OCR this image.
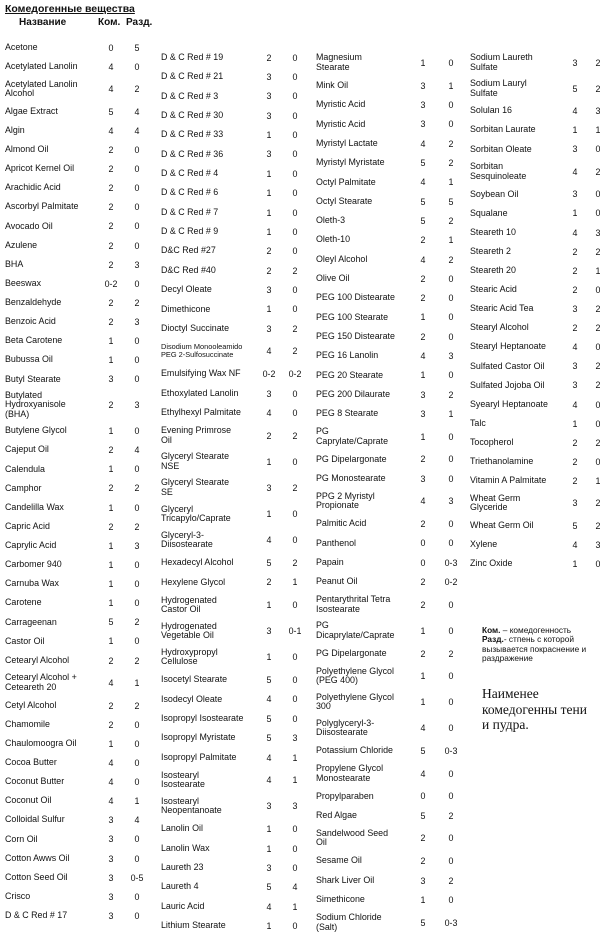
Комедогенные вещества
Название	Ком. Разд.
Acetone	0	5
Acetylated Lanolin	4	0
Acetylated Lanolin
Alcohol	4	2
Algae Extract	5	4
Algin	4	4
Almond Oil	2	0
Apricot Kernel Oil	2	0
Arachidic Acid	2	0
Ascorbyl Palmitate	2	0
Avocado Oil	2	0
Azulene	2	0
BHA	2	3
Beeswax	0-2	0
Benzaldehyde	2	2
Benzoic Acid	2	3
Beta Carotene	1	0
Bubussa Oil	1	0
Butyl Stearate	3	0
Butylated
Hydroxyanisole
(BHA)
2	3
Butylene Glycol	1	0
Cajeput Oil	2	4
Calendula	1	0
Camphor	2	2
Candelilla Wax	1	0
Capric Acid	2	2
Caprylic Acid	1	3
Carbomer 940	1	0
Carnuba Wax	1	0
Carotene	1	0
Carrageenan	5	2
Castor Oil	1	0
Cetearyl Alcohol	2	2
Cetearyl Alcohol +
Ceteareth 20	4	1
Cetyl Alcohol	2	2
Chamomile	2	0
Chaulomoogra Oil	1	0
Cocoa Butter	4	0
Coconut Butter	4	0
Coconut Oil	4	1
Colloidal Sulfur	3	4
Corn Oil	3	0
Cotton Awws Oil	3	0
Cotton Seed Oil	3	0-5
Crisco	3	0
D & C Red # 17	3	0
D & C Red # 19	2	0
D & C Red # 21	3	0
D & C Red # 3	3	0
D & C Red # 30	3	0
D & C Red # 33	1	0
D & C Red # 36	3	0
D & C Red # 4	1	0
D & C Red # 6	1	0
D & C Red # 7	1	0
D & C Red # 9	1	0
D&C Red #27	2	0
D&C Red #40	2	2
Decyl Oleate	3	0
Dimethicone	1	0
Dioctyl Succinate	3	2
Disodium Monooleamido
PEG 2-Sulfosuccinate	4	2
Emulsifying Wax NF	0-2	0-2
Ethoxylated Lanolin	3	0
Ethylhexyl Palmitate	4	0
Evening Primrose
Oil	2	2
Glyceryl Stearate
NSE	1	0
Glyceryl Stearate
SE	3	2
Glyceryl
Tricapylo/Caprate	1	0
Glyceryl-3-
Diisostearate	4	0
Hexadecyl Alcohol	5	2
Hexylene Glycol	2	1
Hydrogenated
Castor Oil	1	0
Hydrogenated
Vegetable Oil	3	0-1
Hydroxypropyl
Cellulose	1	0
Isocetyl Stearate	5	0
Isodecyl Oleate	4	0
Isopropyl Isostearate	5	0
Isopropyl Myristate	5	3
Isopropyl Palmitate	4	1
Isostearyl
Isostearate	4	1
Isostearyl
Neopentanoate	3	3
Lanolin Oil	1	0
Lanolin Wax	1	0
Laureth 23	3	0
Laureth 4	5	4
Lauric Acid	4	1
Lithium Stearate	1	0
Magnesium
Stearate	1	0
Mink Oil	3	1
Myristic Acid	3	0
Myristic Acid	3	0
Myristyl Lactate	4	2
Myristyl Myristate	5	2
Octyl Palmitate	4	1
Octyl Stearate	5	5
Oleth-3	5	2
Oleth-10	2	1
Oleyl Alcohol	4	2
Olive Oil	2	0
PEG 100 Distearate	2	0
PEG 100 Stearate	1	0
PEG 150 Distearate	2	0
PEG 16 Lanolin	4	3
PEG 20 Stearate	1	0
PEG 200 Dilaurate	3	2
PEG 8 Stearate	3	1
PG
Caprylate/Caprate	1	0
PG Dipelargonate	2	0
PG Monostearate	3	0
PPG 2 Myristyl
Propionate	4	3
Palmitic Acid	2	0
Panthenol	0	0
Papain	0	0-3
Peanut Oil	2	0-2
Pentarythrital Tetra
Isostearate	2	0
PG
Dicaprylate/Caprate	1	0
PG Dipelargonate	2	2
Polyethylene Glycol
(PEG 400)	1	0
Polyethylene Glycol
300	1	0
Polyglyceryl-3-
Diisostearate	4	0
Potassium Chloride	5	0-3
Propylene Glycol
Monostearate	4	0
Propylparaben	0	0
Red Algae	5	2
Sandelwood Seed
Oil	2	0
Sesame Oil	2	0
Shark Liver Oil	3	2
Simethicone	1	0
Sodium Chloride
(Salt)	5	0-3
Sodium Laureth
Sulfate	3	2
Sodium Lauryl
Sulfate	5	2
Solulan 16	4	3
Sorbitan Laurate	1	1
Sorbitan Oleate	3	0
Sorbitan
Sesquinoleate	4	2
Soybean Oil	3	0
Squalane	1	0
Steareth 10	4	3
Steareth 2	2	2
Steareth 20	2	1
Stearic Acid	2	0
Stearic Acid Tea	3	2
Stearyl Alcohol	2	2
Stearyl Heptanoate	4	0
Sulfated Castor Oil	3	2
Sulfated Jojoba Oil	3	2
Syearyl Heptanoate	4	0
Talc	1	0
Tocopherol	2	2
Triethanolamine	2	0
Vitamin A Palmitate	2	1
Wheat Germ
Glyceride	3	2
Wheat Germ Oil	5	2
Xylene	4	3
Zinc Oxide	1	0
Ком. – комедогенность
Разд.- стпень с которой вызывается покраснение и раздражение
Наименее комедогенны тени и пудра.
